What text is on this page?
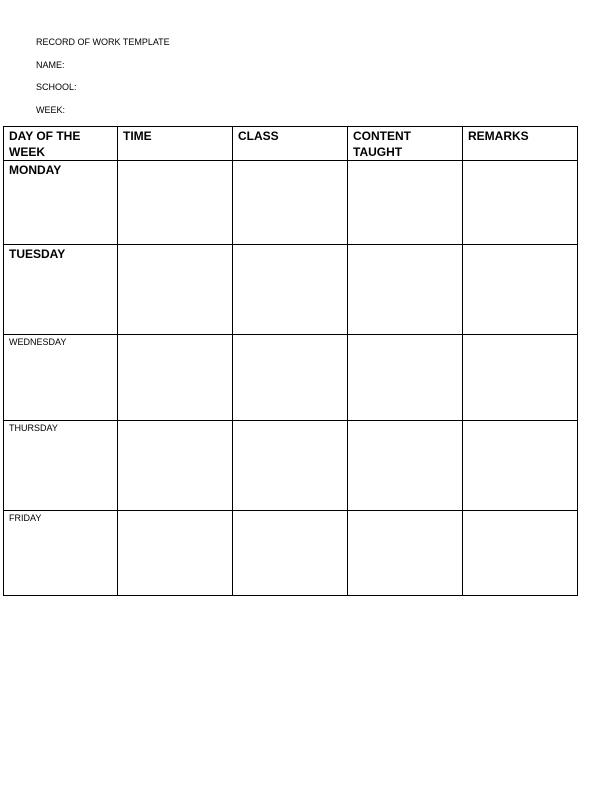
RECORD OF WORK TEMPLATE
NAME:
SCHOOL:
WEEK:
DAY OF THE WEEK	TIME	CLASS	CONTENT TAUGHT	REMARKS
MONDAY				
TUESDAY				
WEDNESDAY				
THURSDAY				
FRIDAY				
